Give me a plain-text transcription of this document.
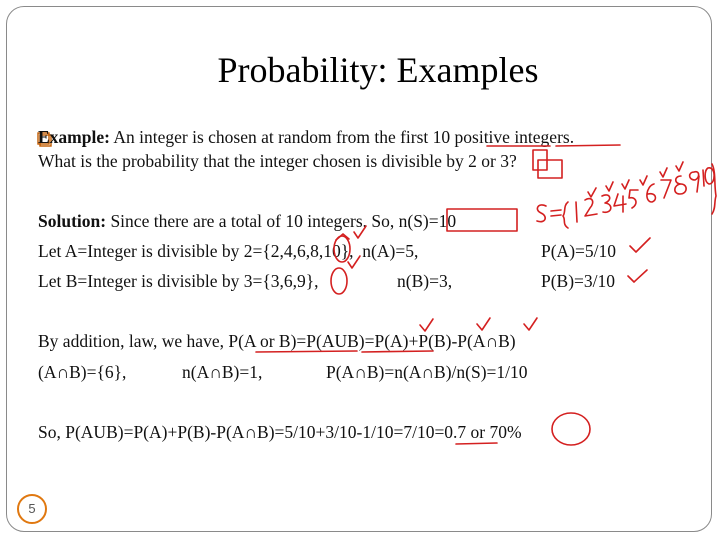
Probability: Examples
Example: An integer is chosen at random from the first 10 positive integers.
What is the probability that the integer chosen is divisible by 2 or 3?
Solution: Since there are a total of 10 integers, So, n(S)=10
Let A=Integer is divisible by 2={2,4,6,8,10},  n(A)=5,	P(A)=5/10
Let B=Integer is divisible by 3={3,6,9},	n(B)=3,	P(B)=3/10
By addition, law, we have, P(A or B)=P(AUB)=P(A)+P(B)-P(A∩B)
(A∩B)={6},	n(A∩B)=1,	P(A∩B)=n(A∩B)/n(S)=1/10
So, P(AUB)=P(A)+P(B)-P(A∩B)=5/10+3/10-1/10=7/10=0.7 or 70%
5
